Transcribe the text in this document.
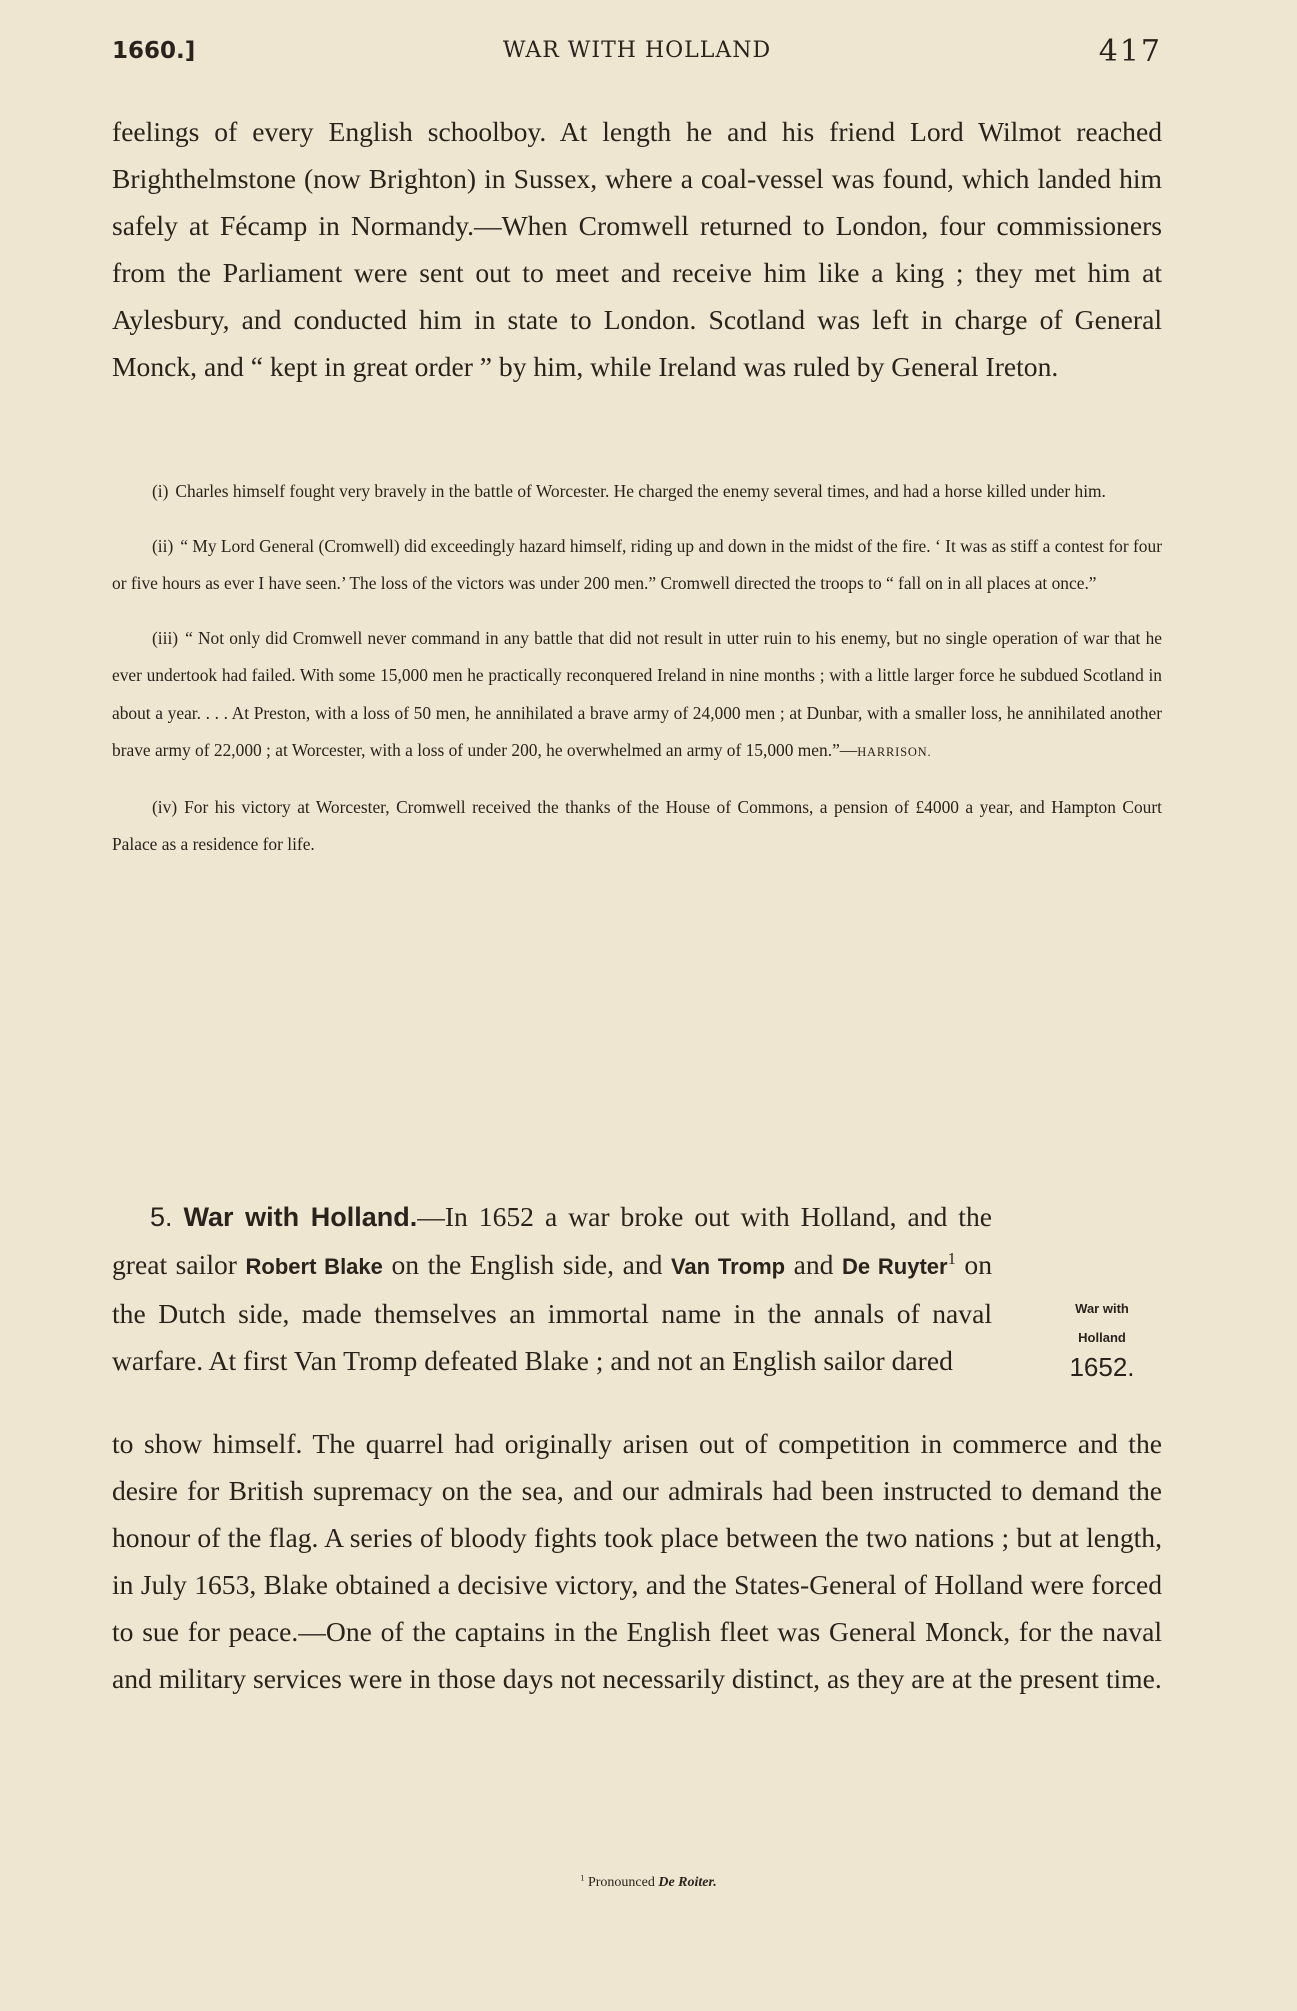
1660.]	WAR WITH HOLLAND	417

feelings of every English schoolboy. At length he and his friend Lord Wilmot reached Brighthelmstone (now Brighton) in Sussex, where a coal-vessel was found, which landed him safely at Fécamp in Normandy.—When Cromwell returned to London, four commissioners from the Parliament were sent out to meet and receive him like a king ; they met him at Aylesbury, and conducted him in state to London. Scotland was left in charge of General Monck, and “ kept in great order ” by him, while Ireland was ruled by General Ireton.

(i) Charles himself fought very bravely in the battle of Worcester. He charged the enemy several times, and had a horse killed under him.

(ii) “ My Lord General (Cromwell) did exceedingly hazard himself, riding up and down in the midst of the fire. ‘ It was as stiff a contest for four or five hours as ever I have seen.’ The loss of the victors was under 200 men.” Cromwell directed the troops to “ fall on in all places at once.”

(iii) “ Not only did Cromwell never command in any battle that did not result in utter ruin to his enemy, but no single operation of war that he ever undertook had failed. With some 15,000 men he practically reconquered Ireland in nine months ; with a little larger force he subdued Scotland in about a year. . . . At Preston, with a loss of 50 men, he annihilated a brave army of 24,000 men ; at Dunbar, with a smaller loss, he annihilated another brave army of 22,000 ; at Worcester, with a loss of under 200, he overwhelmed an army of 15,000 men.”—HARRISON.

(iv) For his victory at Worcester, Cromwell received the thanks of the House of Commons, a pension of £4000 a year, and Hampton Court Palace as a residence for life.

5. War with Holland.—In 1652 a war broke out with Holland, and the great sailor Robert Blake on the English side, and Van Tromp and De Ruyter$^1$ on the Dutch side, made themselves an immortal name in the annals of naval warfare. At first Van Tromp defeated Blake ; and not an English sailor dared

War with
Holland
1652.

to show himself. The quarrel had originally arisen out of competition in commerce and the desire for British supremacy on the sea, and our admirals had been instructed to demand the honour of the flag. A series of bloody fights took place between the two nations ; but at length, in July 1653, Blake obtained a decisive victory, and the States-General of Holland were forced to sue for peace.—One of the captains in the English fleet was General Monck, for the naval and military services were in those days not necessarily distinct, as they are at the present time.

$^1$ Pronounced De Roiter.
